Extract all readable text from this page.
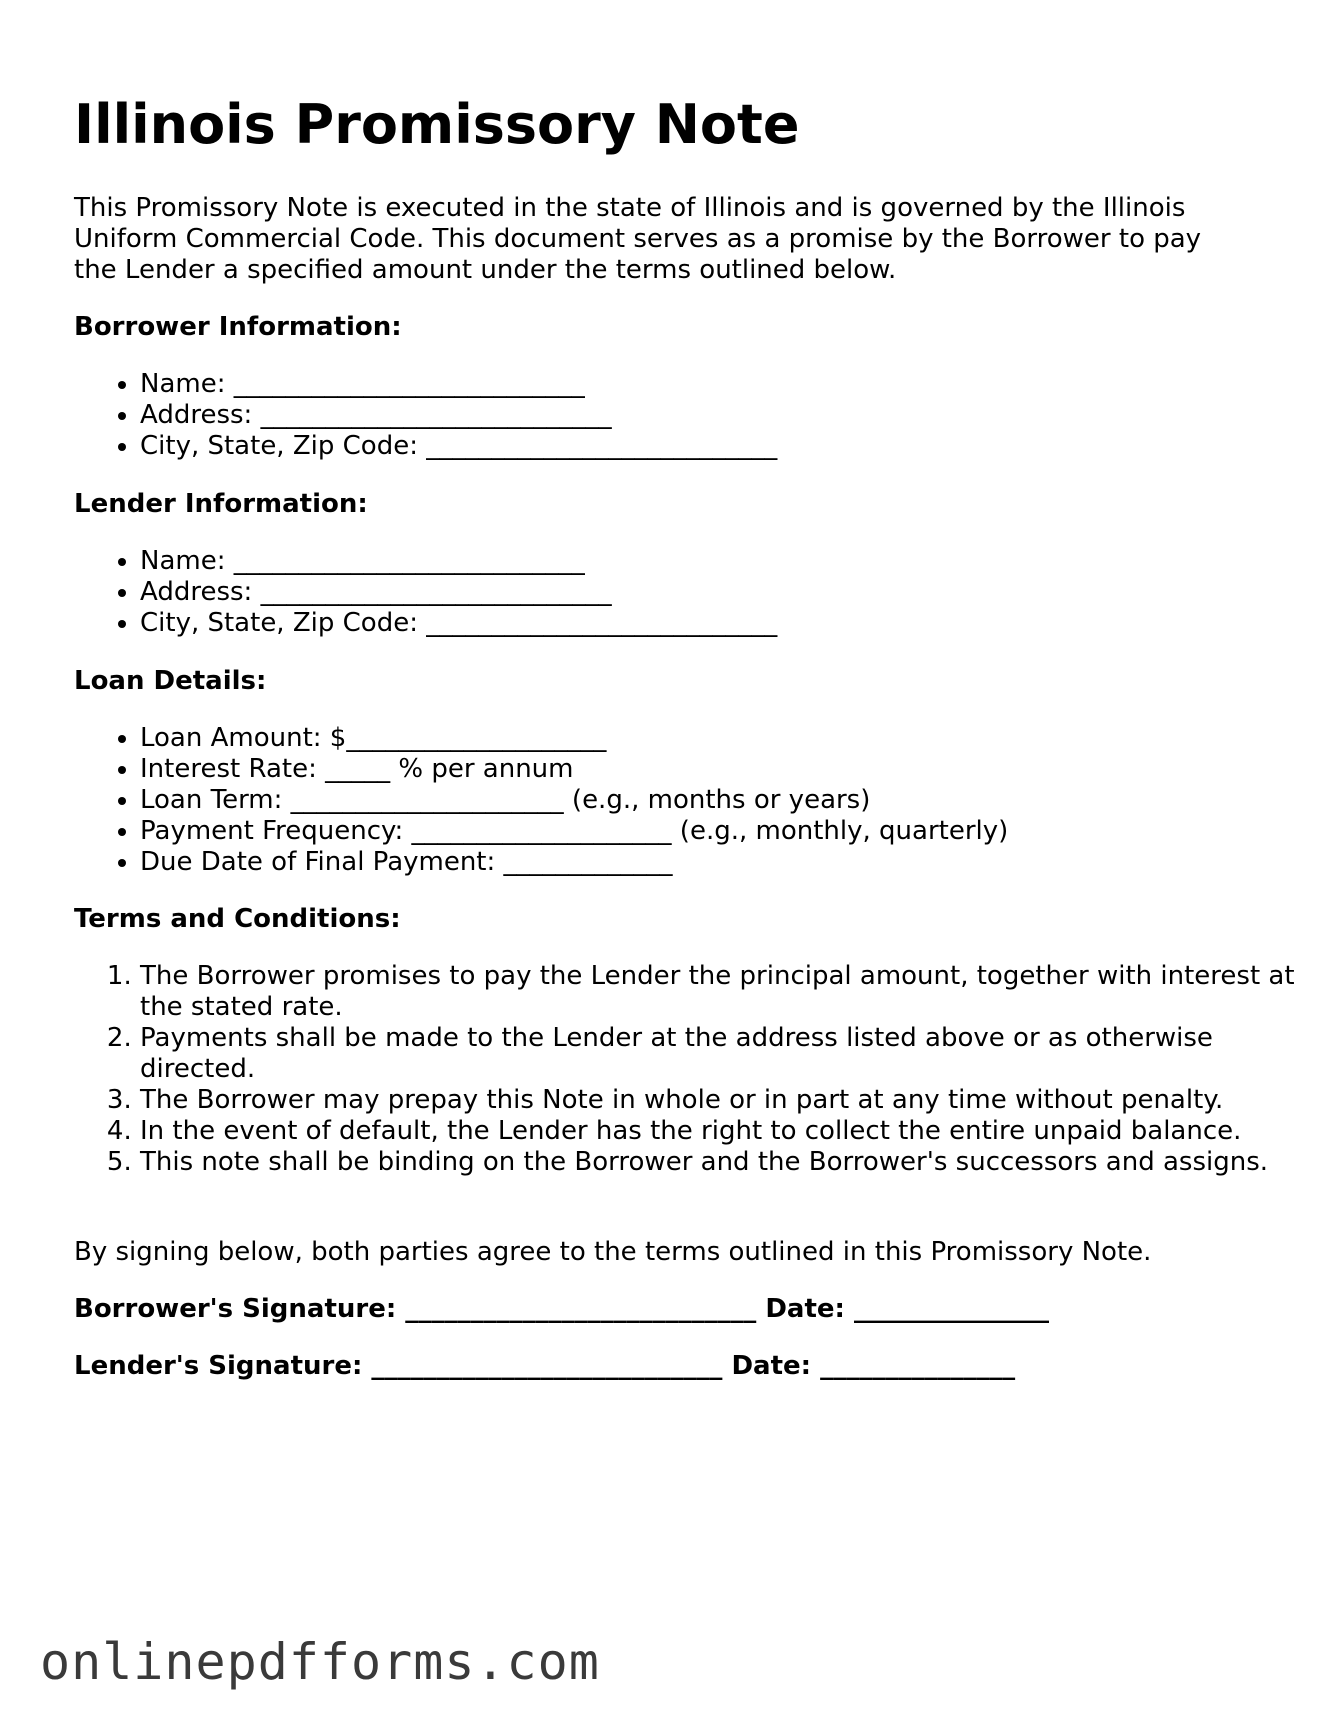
Illinois Promissory Note

This Promissory Note is executed in the state of Illinois and is governed by the Illinois Uniform Commercial Code. This document serves as a promise by the Borrower to pay the Lender a specified amount under the terms outlined below.

Borrower Information:

• Name: ___________________________
• Address: ___________________________
• City, State, Zip Code: ___________________________

Lender Information:

• Name: ___________________________
• Address: ___________________________
• City, State, Zip Code: ___________________________

Loan Details:

• Loan Amount: $____________________
• Interest Rate: _____ % per annum
• Loan Term: _____________________ (e.g., months or years)
• Payment Frequency: ____________________ (e.g., monthly, quarterly)
• Due Date of Final Payment: _____________

Terms and Conditions:

1. The Borrower promises to pay the Lender the principal amount, together with interest at the stated rate.
2. Payments shall be made to the Lender at the address listed above or as otherwise directed.
3. The Borrower may prepay this Note in whole or in part at any time without penalty.
4. In the event of default, the Lender has the right to collect the entire unpaid balance.
5. This note shall be binding on the Borrower and the Borrower's successors and assigns.

By signing below, both parties agree to the terms outlined in this Promissory Note.

Borrower's Signature: ___________________________ Date: _______________

Lender's Signature: ___________________________ Date: _______________

onlinepdfforms.com
